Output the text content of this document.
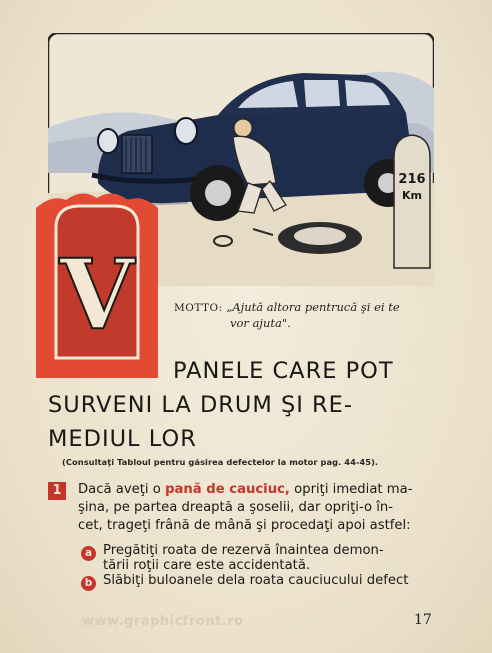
216
Km
V	MOTTO: „Ajută altora pentrucă şi ei te
vor ajuta".
PANELE CARE POT
SURVENI LA DRUM ŞI RE-
MEDIUL LOR
(Consultaţi Tabloul pentru găsirea defectelor la motor pag. 44-45).
1	Dacă aveţi o pană de cauciuc, opriţi imediat ma-
şina, pe partea dreaptă a şoselii, dar opriţi-o în-
cet, trageţi frână de mână şi procedaţi apoi astfel:
a Pregătiţi roata de rezervă înaintea demon-
tării roţii care este accidentată.
b Slăbiţi buloanele dela roata cauciucului defect
www.graphicfront.ro	17
